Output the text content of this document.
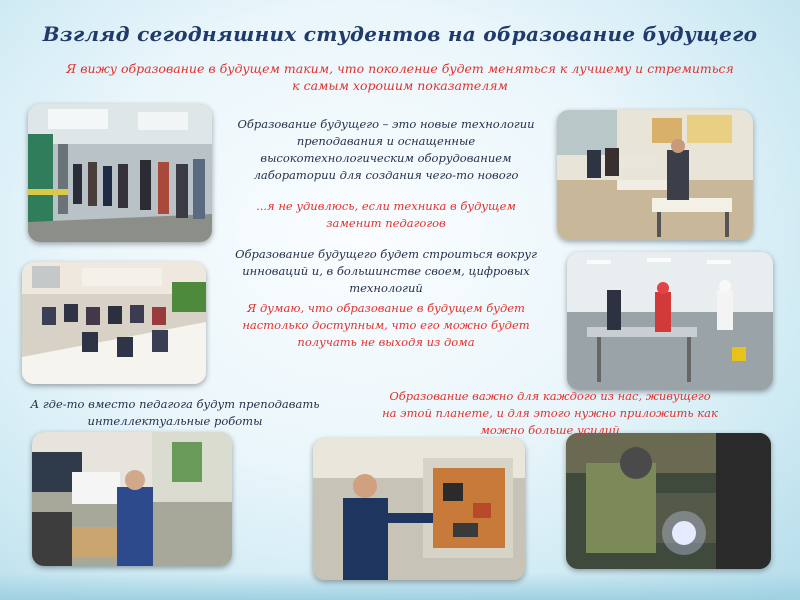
Взгляд сегодняшних студентов на образование будущего
Я вижу образование в будущем таким, что поколение будет меняться к лучшему и стремиться
к самым хорошим показателям
Образование будущего – это новые технологии
преподавания и оснащенные
высокотехнологическим оборудованием
лаборатории для создания чего-то нового
...я не удивлюсь, если техника в будущем
заменит педагогов
Образование будущего будет строиться вокруг
инноваций и, в большинстве своем, цифровых
технологий
Я думаю, что образование в будущем будет
настолько доступным, что его можно будет
получать не выходя из дома
А где-то вместо педагога будут преподавать
интеллектуальные роботы
Образование важно для каждого из нас, живущего
на этой планете, и для этого нужно приложить как
можно больше усилий
